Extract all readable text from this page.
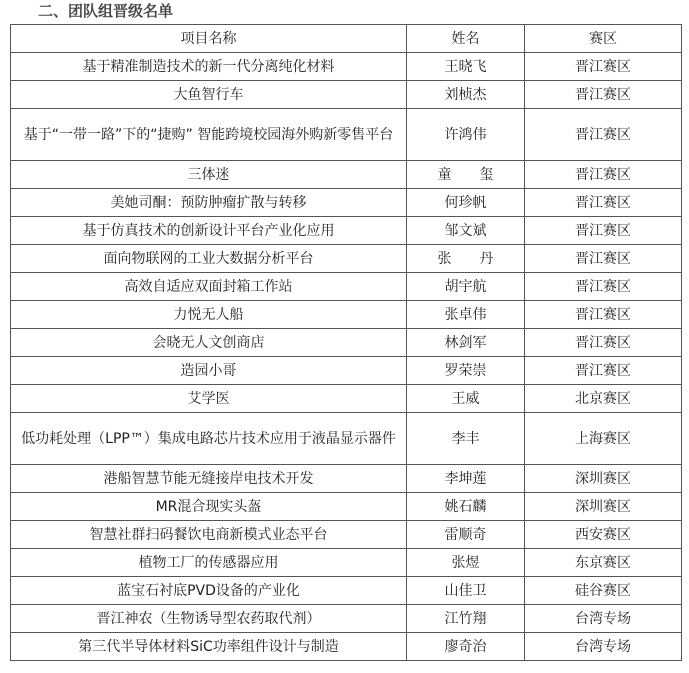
二、团队组晋级名单
项目名称	姓名	赛区
基于精准制造技术的新一代分离纯化材料	王晓飞	晋江赛区
大鱼智行车	刘桢杰	晋江赛区
基于“一带一路”下的“捷购” 智能跨境校园海外购新零售平台	许鸿伟	晋江赛区
三体迷	童　　玺	晋江赛区
美她司酮：预防肿瘤扩散与转移	何珍帆	晋江赛区
基于仿真技术的创新设计平台产业化应用	邹文斌	晋江赛区
面向物联网的工业大数据分析平台	张　　丹	晋江赛区
高效自适应双面封箱工作站	胡宇航	晋江赛区
力悦无人船	张卓伟	晋江赛区
会晓无人文创商店	林剑军	晋江赛区
造园小哥	罗荣崇	晋江赛区
艾学医	王威	北京赛区
低功耗处理（LPP™）集成电路芯片技术应用于液晶显示器件	李丰	上海赛区
港船智慧节能无缝接岸电技术开发	李坤莲	深圳赛区
MR混合现实头盔	姚石麟	深圳赛区
智慧社群扫码餐饮电商新模式业态平台	雷顺奇	西安赛区
植物工厂的传感器应用	张煜	东京赛区
蓝宝石衬底PVD设备的产业化	山佳卫	硅谷赛区
晋江神农（生物诱导型农药取代剂）	江竹翔	台湾专场
第三代半导体材料SiC功率组件设计与制造	廖奇治	台湾专场
